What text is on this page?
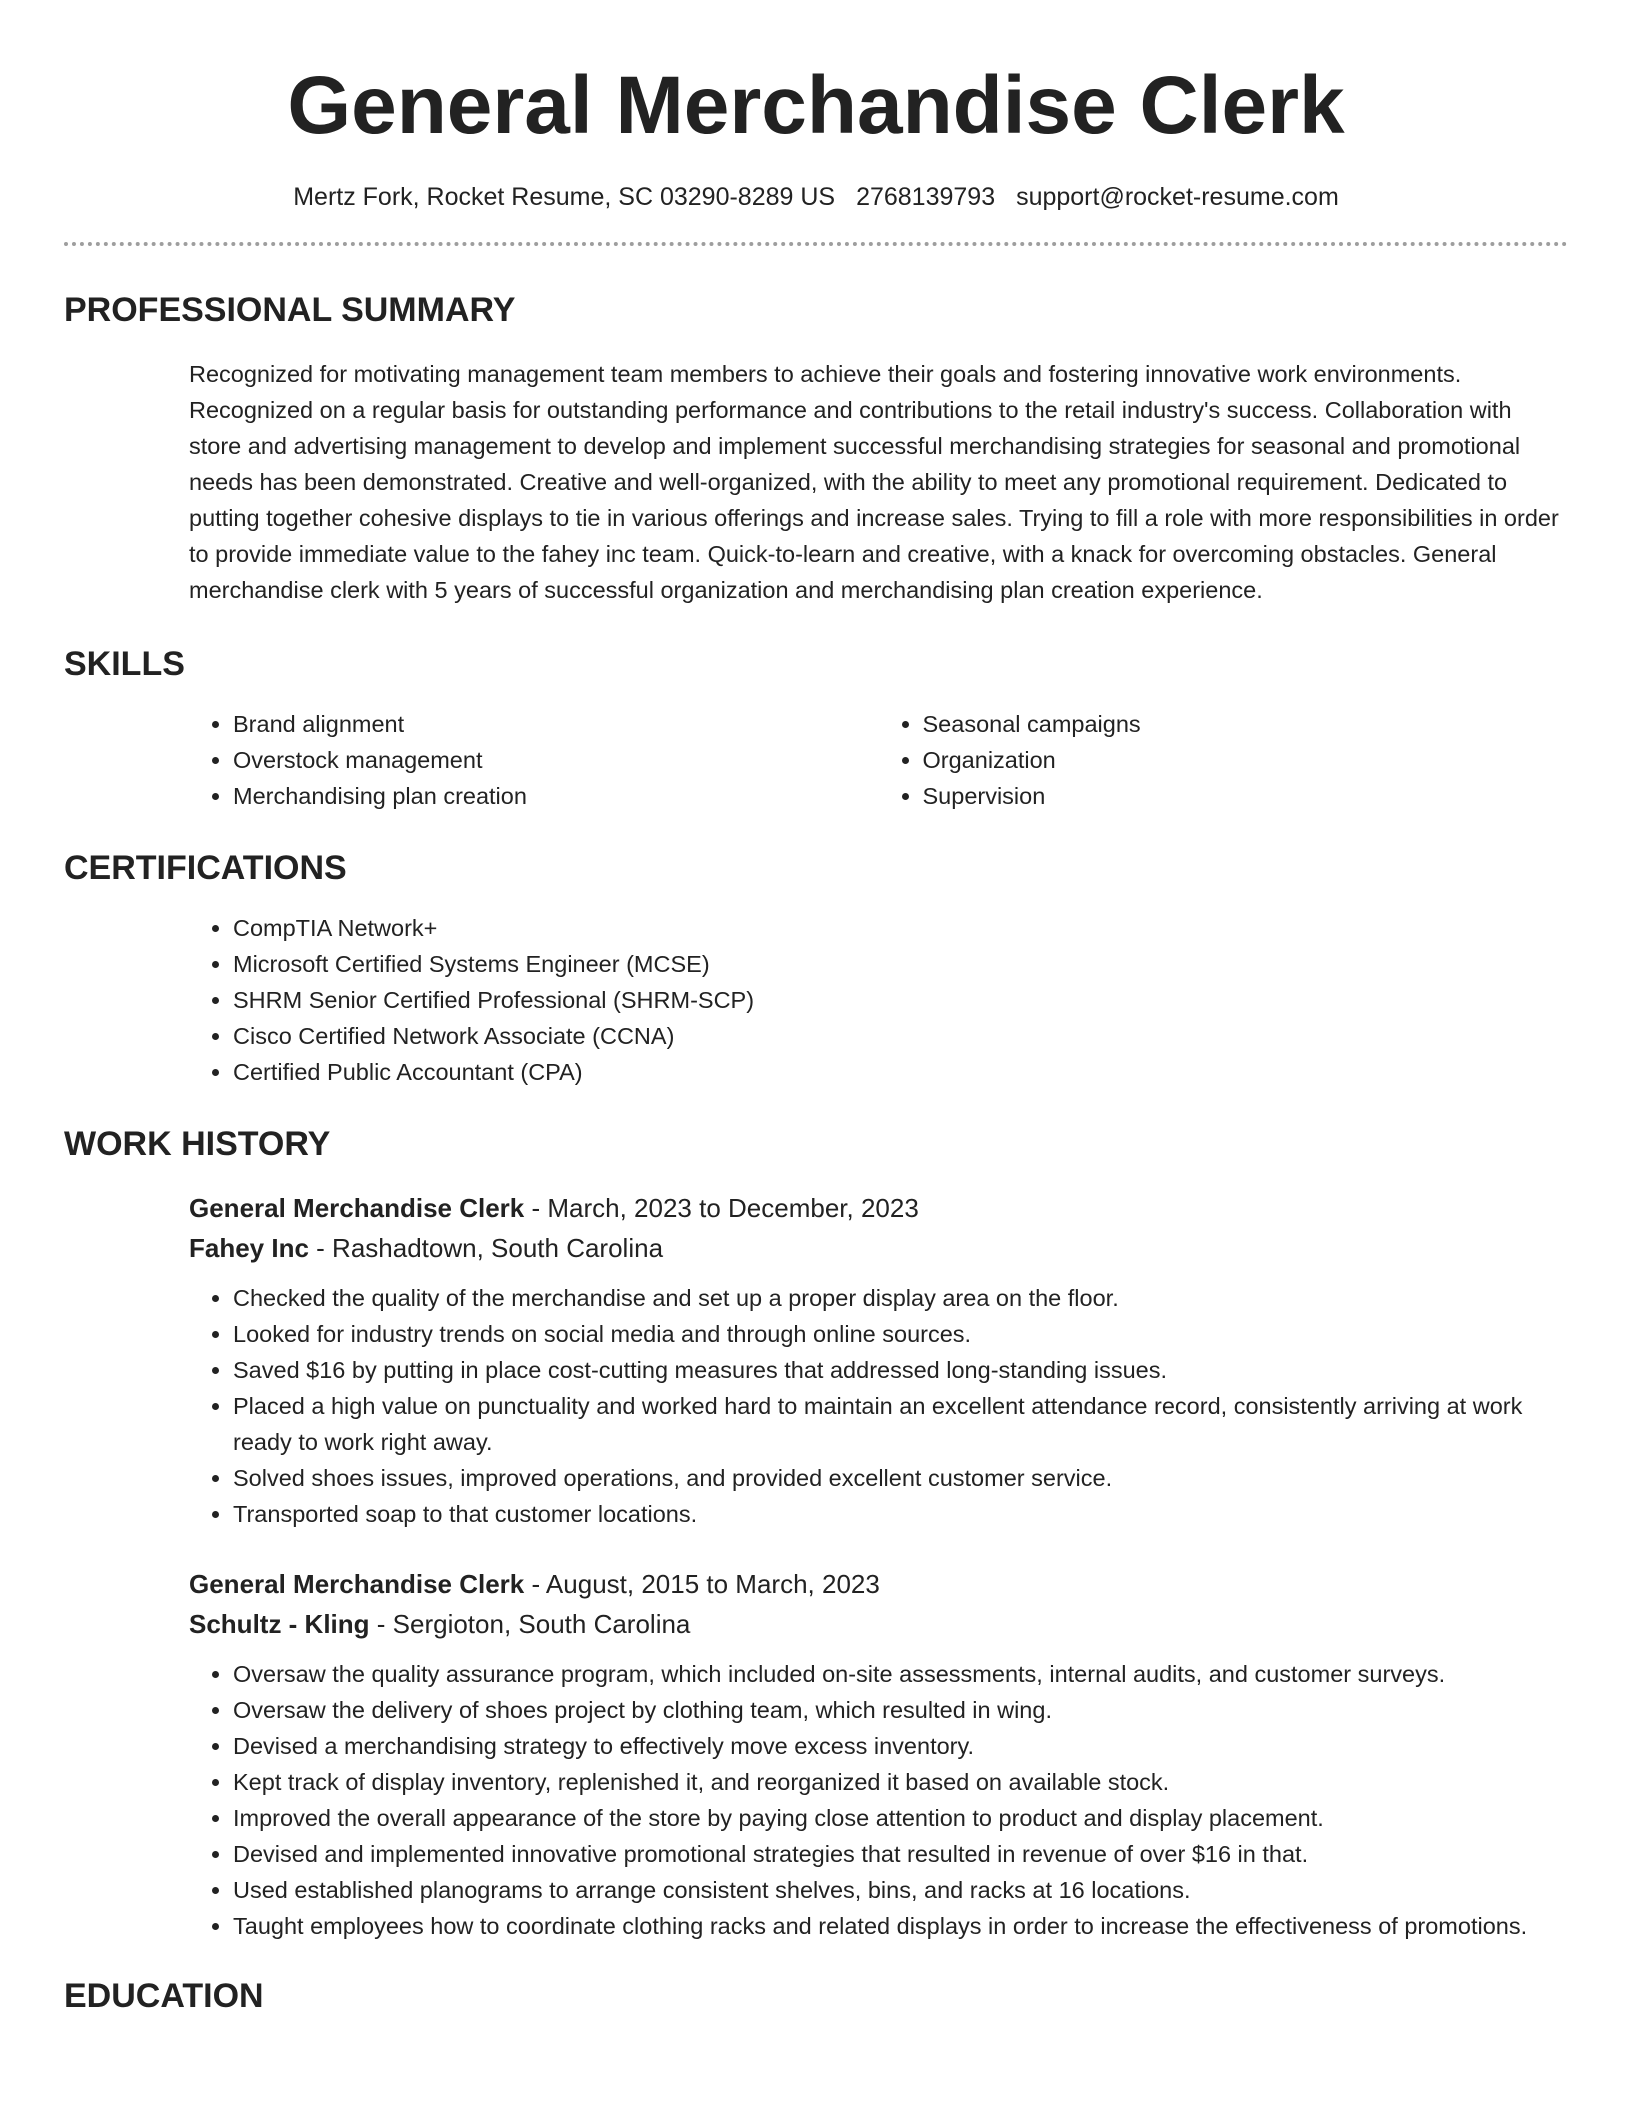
General Merchandise Clerk
Mertz Fork, Rocket Resume, SC 03290-8289 US 2768139793 support@rocket-resume.com
PROFESSIONAL SUMMARY

Recognized for motivating management team members to achieve their goals and fostering innovative work environments. Recognized on a regular basis for outstanding performance and contributions to the retail industry's success. Collaboration with store and advertising management to develop and implement successful merchandising strategies for seasonal and promotional needs has been demonstrated. Creative and well-organized, with the ability to meet any promotional requirement. Dedicated to putting together cohesive displays to tie in various offerings and increase sales. Trying to fill a role with more responsibilities in order to provide immediate value to the fahey inc team. Quick-to-learn and creative, with a knack for overcoming obstacles. General merchandise clerk with 5 years of successful organization and merchandising plan creation experience.

SKILLS
• Brand alignment
• Overstock management
• Merchandising plan creation
• Seasonal campaigns
• Organization
• Supervision
CERTIFICATIONS
• CompTIA Network+
• Microsoft Certified Systems Engineer (MCSE)
• SHRM Senior Certified Professional (SHRM-SCP)
• Cisco Certified Network Associate (CCNA)
• Certified Public Accountant (CPA)
WORK HISTORY
General Merchandise Clerk - March, 2023 to December, 2023
Fahey Inc - Rashadtown, South Carolina
• Checked the quality of the merchandise and set up a proper display area on the floor.
• Looked for industry trends on social media and through online sources.
• Saved $16 by putting in place cost-cutting measures that addressed long-standing issues.
• Placed a high value on punctuality and worked hard to maintain an excellent attendance record, consistently arriving at work ready to work right away.
• Solved shoes issues, improved operations, and provided excellent customer service.
• Transported soap to that customer locations.
General Merchandise Clerk - August, 2015 to March, 2023
Schultz - Kling - Sergioton, South Carolina
• Oversaw the quality assurance program, which included on-site assessments, internal audits, and customer surveys.
• Oversaw the delivery of shoes project by clothing team, which resulted in wing.
• Devised a merchandising strategy to effectively move excess inventory.
• Kept track of display inventory, replenished it, and reorganized it based on available stock.
• Improved the overall appearance of the store by paying close attention to product and display placement.
• Devised and implemented innovative promotional strategies that resulted in revenue of over $16 in that.
• Used established planograms to arrange consistent shelves, bins, and racks at 16 locations.
• Taught employees how to coordinate clothing racks and related displays in order to increase the effectiveness of promotions.
EDUCATION
